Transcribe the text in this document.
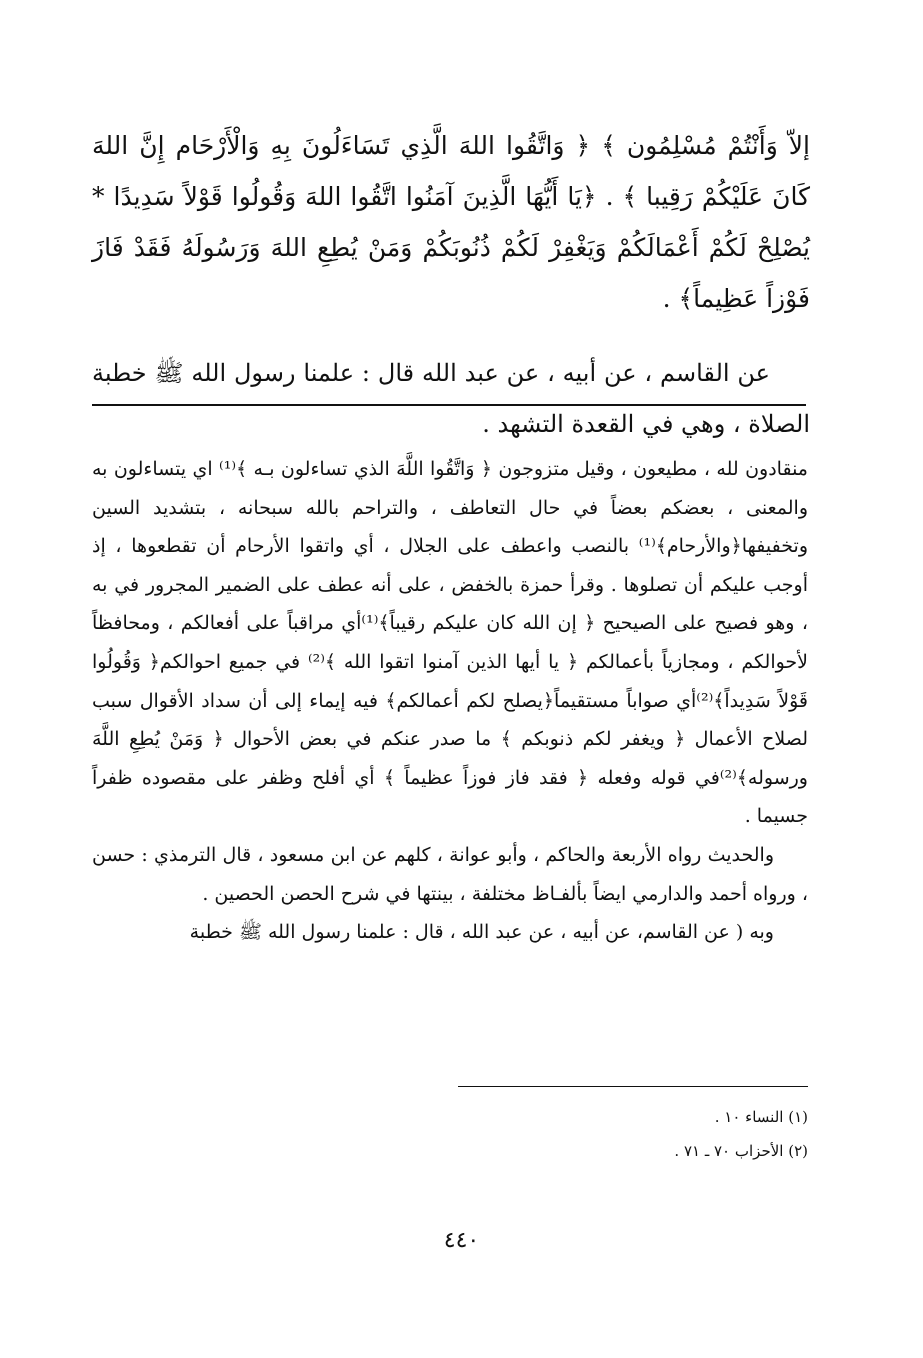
إلاّ وَأَنْتُمْ مُسْلِمُون ﴾ ﴿ وَاتَّقُوا اللهَ الَّذِي تَسَاءَلُونَ بِهِ وَالْأَرْحَام إِنَّ اللهَ كَانَ عَلَيْكُمْ رَقِيبا ﴾ . ﴿يَا أَيُّهَا الَّذِينَ آمَنُوا اتَّقُوا اللهَ وَقُولُوا قَوْلاً سَدِيدًا * يُصْلِحْ لَكُمْ أَعْمَالَكُمْ وَيَغْفِرْ لَكُمْ ذُنُوبَكُمْ وَمَنْ يُطِعِ اللهَ وَرَسُولَهُ فَقَدْ فَازَ فَوْزاً عَظِيماً﴾ .

عن القاسم ، عن أبيه ، عن عبد الله قال : علمنا رسول الله ﷺ خطبة الصلاة ، وهي في القعدة التشهد .

منقادون لله ، مطيعون ، وقيل متزوجون ﴿ وَاتَّقُوا اللَّهَ الذي تساءلون بـه ﴾⁽¹⁾ اي يتساءلون به والمعنى ، بعضكم بعضاً في حال التعاطف ، والتراحم بالله سبحانه ، بتشديد السين وتخفيفها﴿والأرحام﴾⁽¹⁾ بالنصب واعطف على الجلال ، أي واتقوا الأرحام أن تقطعوها ، إذ أوجب عليكم أن تصلوها . وقرأ حمزة بالخفض ، على أنه عطف على الضمير المجرور في به ، وهو فصيح على الصيحيح ﴿ إن الله كان عليكم رقيباً﴾⁽¹⁾أي مراقباً على أفعالكم ، ومحافظاً لأحوالكم ، ومجازياً بأعمالكم ﴿ يا أيها الذين آمنوا اتقوا الله ﴾⁽²⁾ في جميع احوالكم﴿ وَقُولُوا قَوْلاً سَدِيداً﴾⁽²⁾أي صواباً مستقيماً﴿يصلح لكم أعمالكم﴾ فيه إيماء إلى أن سداد الأقوال سبب لصلاح الأعمال ﴿ ويغفر لكم ذنوبكم ﴾ ما صدر عنكم في بعض الأحوال ﴿ وَمَنْ يُطِعِ اللَّهَ ورسوله﴾⁽²⁾في قوله وفعله ﴿ فقد فاز فوزاً عظيماً ﴾ أي أفلح وظفر على مقصوده ظفراً جسيما .

والحديث رواه الأربعة والحاكم ، وأبو عوانة ، كلهم عن ابن مسعود ، قال الترمذي : حسن ، ورواه أحمد والدارمي ايضاً بألفـاظ مختلفة ، بينتها في شرح الحصن الحصين .

وبه ( عن القاسم، عن أبيه ، عن عبد الله ، قال : علمنا رسول الله ﷺ خطبة

(١) النساء ١٠ .

(٢) الأحزاب ٧٠ ـ ٧١ .

٤٤٠
